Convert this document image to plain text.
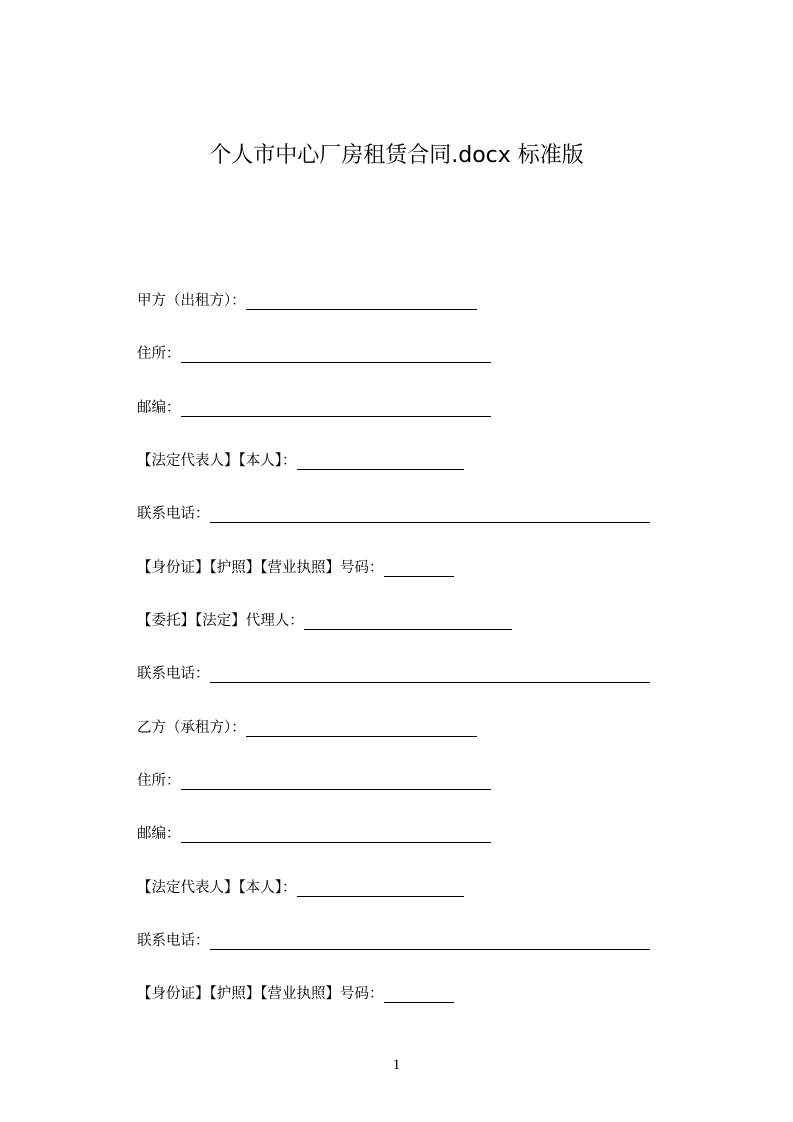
个人市中心厂房租赁合同.docx 标准版
甲方（出租方）：
住所：
邮编：
【法定代表人】【本人】：
联系电话：
【身份证】【护照】【营业执照】号码：
【委托】【法定】代理人：
联系电话：
乙方（承租方）：
住所：
邮编：
【法定代表人】【本人】：
联系电话：
【身份证】【护照】【营业执照】号码：
1
